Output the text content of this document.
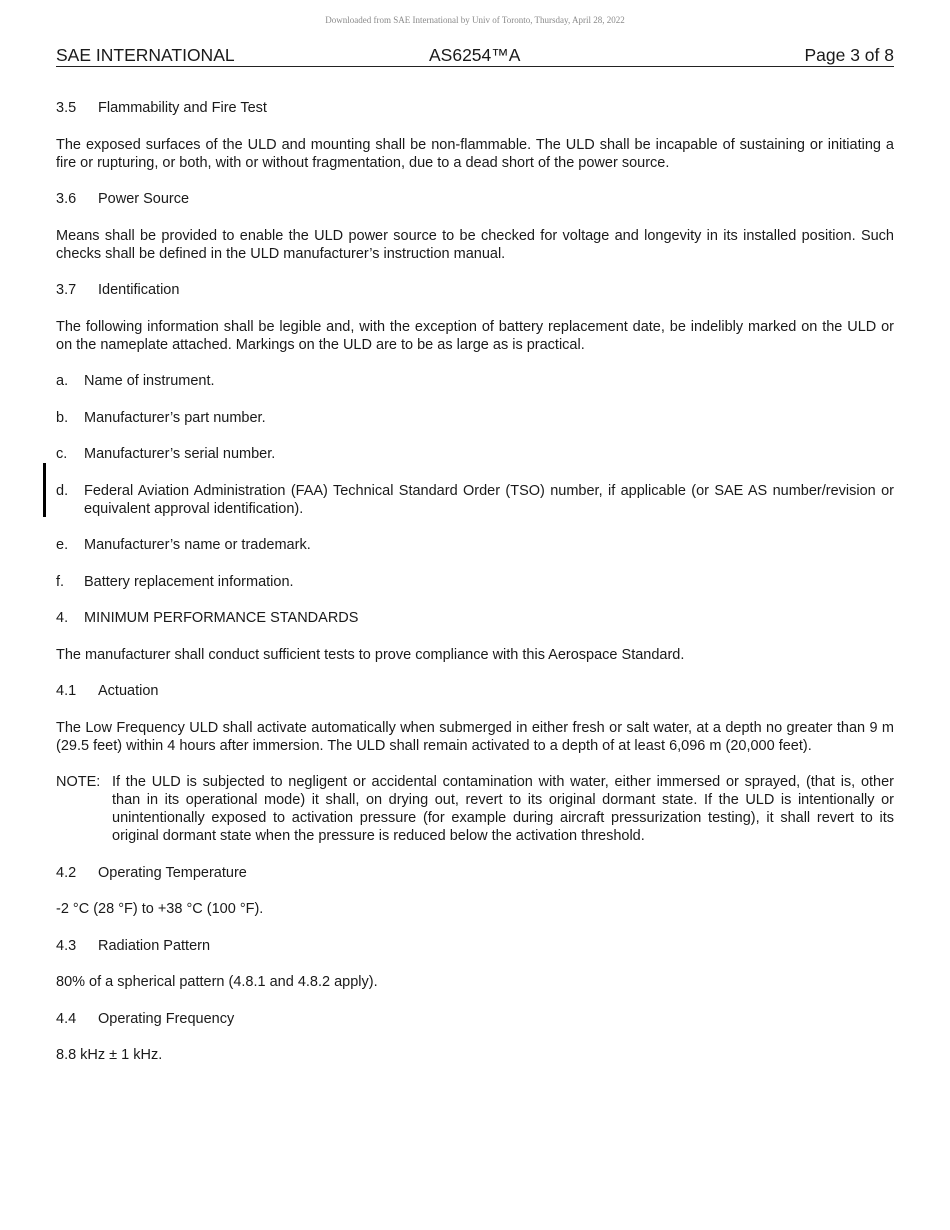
Downloaded from SAE International by Univ of Toronto, Thursday, April 28, 2022
SAE INTERNATIONAL	AS6254™A	Page 3 of 8
3.5 Flammability and Fire Test

The exposed surfaces of the ULD and mounting shall be non-flammable. The ULD shall be incapable of sustaining or initiating a fire or rupturing, or both, with or without fragmentation, due to a dead short of the power source.

3.6 Power Source

Means shall be provided to enable the ULD power source to be checked for voltage and longevity in its installed position. Such checks shall be defined in the ULD manufacturer’s instruction manual.

3.7 Identification

The following information shall be legible and, with the exception of battery replacement date, be indelibly marked on the ULD or on the nameplate attached. Markings on the ULD are to be as large as is practical.

a.	Name of instrument.
b.	Manufacturer’s part number.
c.	Manufacturer’s serial number.
d.	Federal Aviation Administration (FAA) Technical Standard Order (TSO) number, if applicable (or SAE AS number/revision or equivalent approval identification).
e.	Manufacturer’s name or trademark.
f.	Battery replacement information.
4. MINIMUM PERFORMANCE STANDARDS

The manufacturer shall conduct sufficient tests to prove compliance with this Aerospace Standard.

4.1 Actuation

The Low Frequency ULD shall activate automatically when submerged in either fresh or salt water, at a depth no greater than 9 m (29.5 feet) within 4 hours after immersion. The ULD shall remain activated to a depth of at least 6,096 m (20,000 feet).

NOTE: If the ULD is subjected to negligent or accidental contamination with water, either immersed or sprayed, (that is, other than in its operational mode) it shall, on drying out, revert to its original dormant state. If the ULD is intentionally or unintentionally exposed to activation pressure (for example during aircraft pressurization testing), it shall revert to its original dormant state when the pressure is reduced below the activation threshold.
4.2 Operating Temperature

-2 °C (28 °F) to +38 °C (100 °F).

4.3 Radiation Pattern

80% of a spherical pattern (4.8.1 and 4.8.2 apply).

4.4 Operating Frequency

8.8 kHz ± 1 kHz.
